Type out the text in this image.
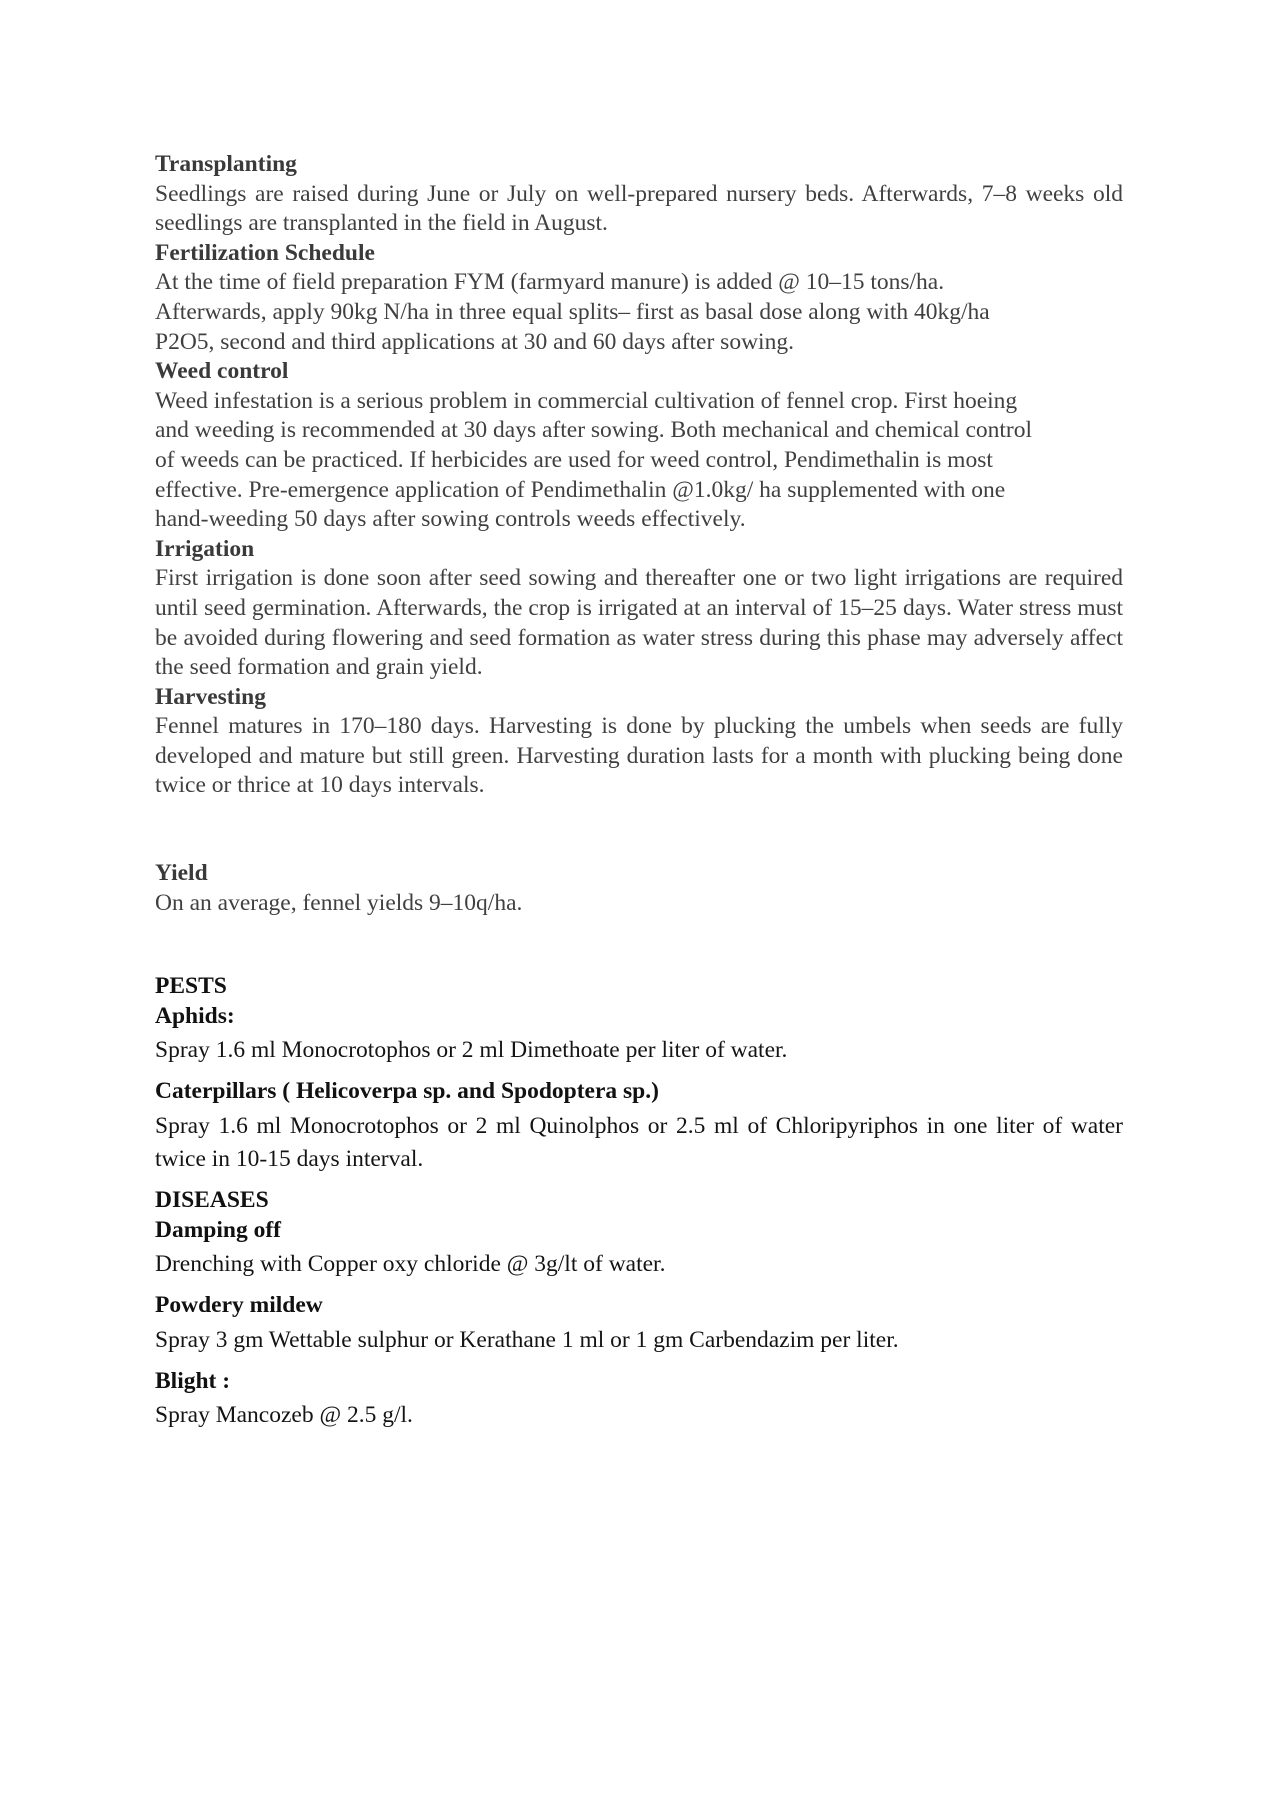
Transplanting

Seedlings are raised during June or July on well-prepared nursery beds. Afterwards, 7–8 weeks old seedlings are transplanted in the field in August.

Fertilization Schedule

At the time of field preparation FYM (farmyard manure) is added @ 10–15 tons/ha.

Afterwards, apply 90kg N/ha in three equal splits– first as basal dose along with 40kg/ha

P2O5, second and third applications at 30 and 60 days after sowing.

Weed control

Weed infestation is a serious problem in commercial cultivation of fennel crop. First hoeing

and weeding is recommended at 30 days after sowing. Both mechanical and chemical control

of weeds can be practiced. If herbicides are used for weed control, Pendimethalin is most

effective. Pre-emergence application of Pendimethalin @1.0kg/ ha supplemented with one

hand-weeding 50 days after sowing controls weeds effectively.

Irrigation

First irrigation is done soon after seed sowing and thereafter one or two light irrigations are required until seed germination. Afterwards, the crop is irrigated at an interval of 15–25 days. Water stress must be avoided during flowering and seed formation as water stress during this phase may adversely affect the seed formation and grain yield.

Harvesting

Fennel matures in 170–180 days. Harvesting is done by plucking the umbels when seeds are fully developed and mature but still green. Harvesting duration lasts for a month with plucking being done twice or thrice at 10 days intervals.

Yield

On an average, fennel yields 9–10q/ha.

PESTS

Aphids:

Spray 1.6 ml Monocrotophos or 2 ml Dimethoate per liter of water.

Caterpillars ( Helicoverpa sp. and Spodoptera sp.)

Spray 1.6 ml Monocrotophos or 2 ml Quinolphos or 2.5 ml of Chloripyriphos in one liter of water twice in 10-15 days interval.

DISEASES

Damping off

Drenching with Copper oxy chloride @ 3g/lt of water.

Powdery mildew

Spray 3 gm Wettable sulphur or Kerathane 1 ml or 1 gm Carbendazim per liter.

Blight :

Spray Mancozeb @ 2.5 g/l.
